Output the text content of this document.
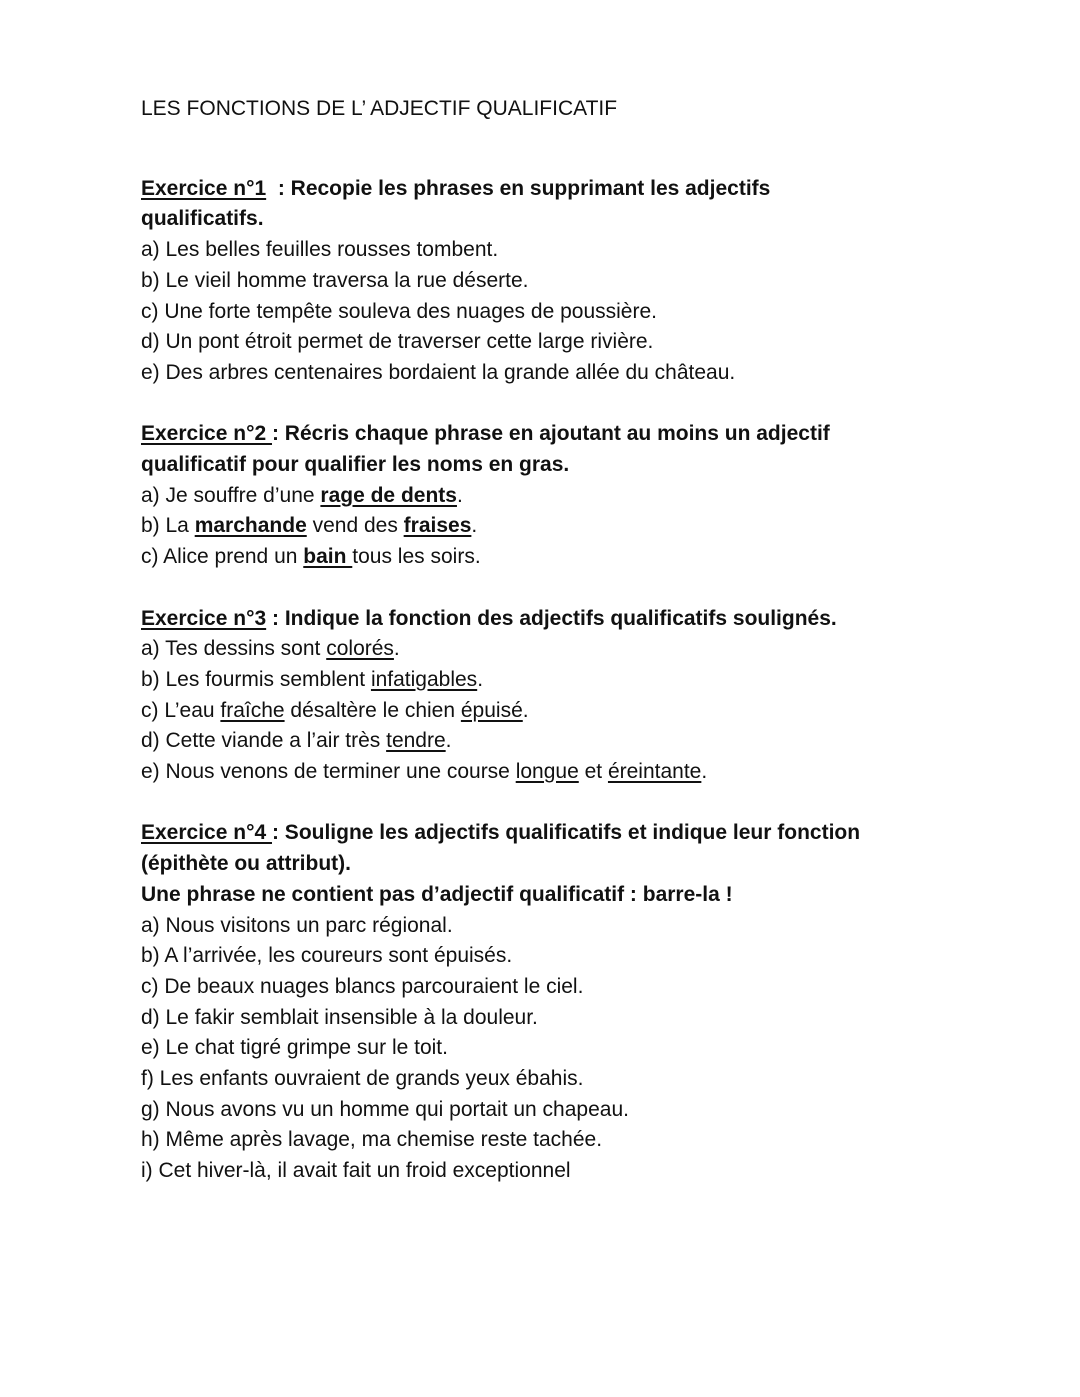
LES FONCTIONS DE L’ ADJECTIF QUALIFICATIF
Exercice n°1  : Recopie les phrases en supprimant les adjectifs
qualificatifs.
a) Les belles feuilles rousses tombent.
b) Le vieil homme traversa la rue déserte.
c) Une forte tempête souleva des nuages de poussière.
d) Un pont étroit permet de traverser cette large rivière.
e) Des arbres centenaires bordaient la grande allée du château.
Exercice n°2 : Récris chaque phrase en ajoutant au moins un adjectif
qualificatif pour qualifier les noms en gras.
a) Je souffre d’une rage de dents.
b) La marchande vend des fraises.
c) Alice prend un bain tous les soirs.
Exercice n°3 : Indique la fonction des adjectifs qualificatifs soulignés.
a) Tes dessins sont colorés.
b) Les fourmis semblent infatigables.
c) L’eau fraîche désaltère le chien épuisé.
d) Cette viande a l’air très tendre.
e) Nous venons de terminer une course longue et éreintante.
Exercice n°4 : Souligne les adjectifs qualificatifs et indique leur fonction
(épithète ou attribut).
Une phrase ne contient pas d’adjectif qualificatif : barre-la !
a) Nous visitons un parc régional.
b) A l’arrivée, les coureurs sont épuisés.
c) De beaux nuages blancs parcouraient le ciel.
d) Le fakir semblait insensible à la douleur.
e) Le chat tigré grimpe sur le toit.
f) Les enfants ouvraient de grands yeux ébahis.
g) Nous avons vu un homme qui portait un chapeau.
h) Même après lavage, ma chemise reste tachée.
i) Cet hiver-là, il avait fait un froid exceptionnel
